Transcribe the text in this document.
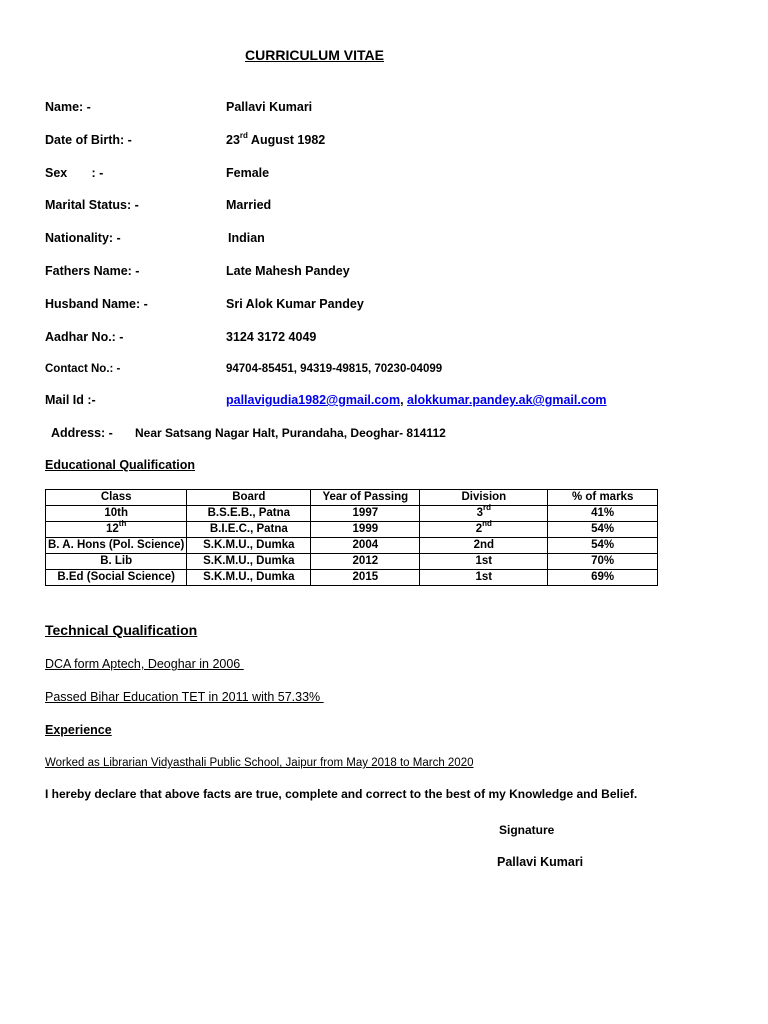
CURRICULUM VITAE
Name: -	Pallavi Kumari
Date of Birth: -	23rd August 1982
Sex       : -	Female
Marital Status: -	Married
Nationality: -	Indian
Fathers Name: -	Late Mahesh Pandey
Husband Name: -	Sri Alok Kumar Pandey
Aadhar No.: -	3124 3172 4049
Contact No.: -	94704-85451, 94319-49815, 70230-04099
Mail Id :-	pallavigudia1982@gmail.com, alokkumar.pandey.ak@gmail.com
Address: - Near Satsang Nagar Halt, Purandaha, Deoghar- 814112
Educational Qualification
Class	Board	Year of Passing	Division	% of marks
10th	B.S.E.B., Patna	1997	3rd	41%
12th	B.I.E.C., Patna	1999	2nd	54%
B. A. Hons (Pol. Science)	S.K.M.U., Dumka	2004	2nd	54%
B. Lib	S.K.M.U., Dumka	2012	1st	70%
B.Ed (Social Science)	S.K.M.U., Dumka	2015	1st	69%
Technical Qualification
DCA form Aptech, Deoghar in 2006
Passed Bihar Education TET in 2011 with 57.33%
Experience
Worked as Librarian Vidyasthali Public School, Jaipur from May 2018 to March 2020
I hereby declare that above facts are true, complete and correct to the best of my Knowledge and Belief.
Signature
Pallavi Kumari
